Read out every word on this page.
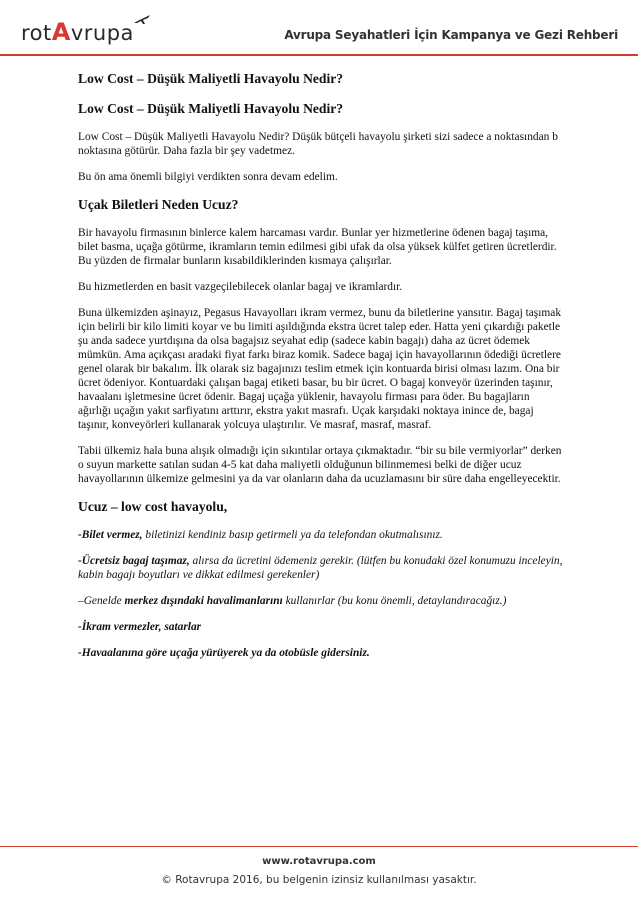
rotAvrupa	Avrupa Seyahatleri İçin Kampanya ve Gezi Rehberi
Low Cost – Düşük Maliyetli Havayolu Nedir?
Low Cost – Düşük Maliyetli Havayolu Nedir?

Low Cost – Düşük Maliyetli Havayolu Nedir? Düşük bütçeli havayolu şirketi sizi sadece a noktasından b noktasına götürür. Daha fazla bir şey vadetmez.

Bu ön ama önemli bilgiyi verdikten sonra devam edelim.

Uçak Biletleri Neden Ucuz?

Bir havayolu firmasının binlerce kalem harcaması vardır. Bunlar yer hizmetlerine ödenen bagaj taşıma, bilet basma, uçağa götürme, ikramların temin edilmesi gibi ufak da olsa yüksek külfet getiren ücretlerdir. Bu yüzden de firmalar bunların kısabildiklerinden kısmaya çalışırlar.

Bu hizmetlerden en basit vazgeçilebilecek olanlar bagaj ve ikramlardır.

Buna ülkemizden aşinayız, Pegasus Havayolları ikram vermez, bunu da biletlerine yansıtır. Bagaj taşımak için belirli bir kilo limiti koyar ve bu limiti aşıldığında ekstra ücret talep eder. Hatta yeni çıkardığı paketle şu anda sadece yurtdışına da olsa bagajsız seyahat edip (sadece kabin bagajı) daha az ücret ödemek mümkün. Ama açıkçası aradaki fiyat farkı biraz komik. Sadece bagaj için havayollarının ödediği ücretlere genel olarak bir bakalım. İlk olarak siz bagajınızı teslim etmek için kontuarda birisi olması lazım. Ona bir ücret ödeniyor. Kontuardaki çalışan bagaj etiketi basar, bu bir ücret. O bagaj konveyör üzerinden taşınır, havaalanı işletmesine ücret ödenir. Bagaj uçağa yüklenir, havayolu firması para öder. Bu bagajların ağırlığı uçağın yakıt sarfiyatını arttırır, ekstra yakıt masrafı. Uçak karşıdaki noktaya inince de, bagaj taşınır, konveyörleri kullanarak yolcuya ulaştırılır. Ve masraf, masraf, masraf.

Tabii ülkemiz hala buna alışık olmadığı için sıkıntılar ortaya çıkmaktadır. “bir su bile vermiyorlar” derken o suyun markette satılan sudan 4-5 kat daha maliyetli olduğunun bilinmemesi belki de diğer ucuz havayollarının ülkemize gelmesini ya da var olanların daha da ucuzlamasını bir süre daha engelleyecektir.

Ucuz – low cost havayolu,

-Bilet vermez, biletinizi kendiniz basıp getirmeli ya da telefondan okutmalısınız.

-Ücretsiz bagaj taşımaz, alırsa da ücretini ödemeniz gerekir. (lütfen bu konudaki özel konumuzu inceleyin, kabin bagajı boyutları ve dikkat edilmesi gerekenler)

–Genelde merkez dışındaki havalimanlarını kullanırlar (bu konu önemli, detaylandıracağız.)

-İkram vermezler, satarlar

-Havaalanına göre uçağa yürüyerek ya da otobüsle gidersiniz.

www.rotavrupa.com
© Rotavrupa 2016, bu belgenin izinsiz kullanılması yasaktır.
